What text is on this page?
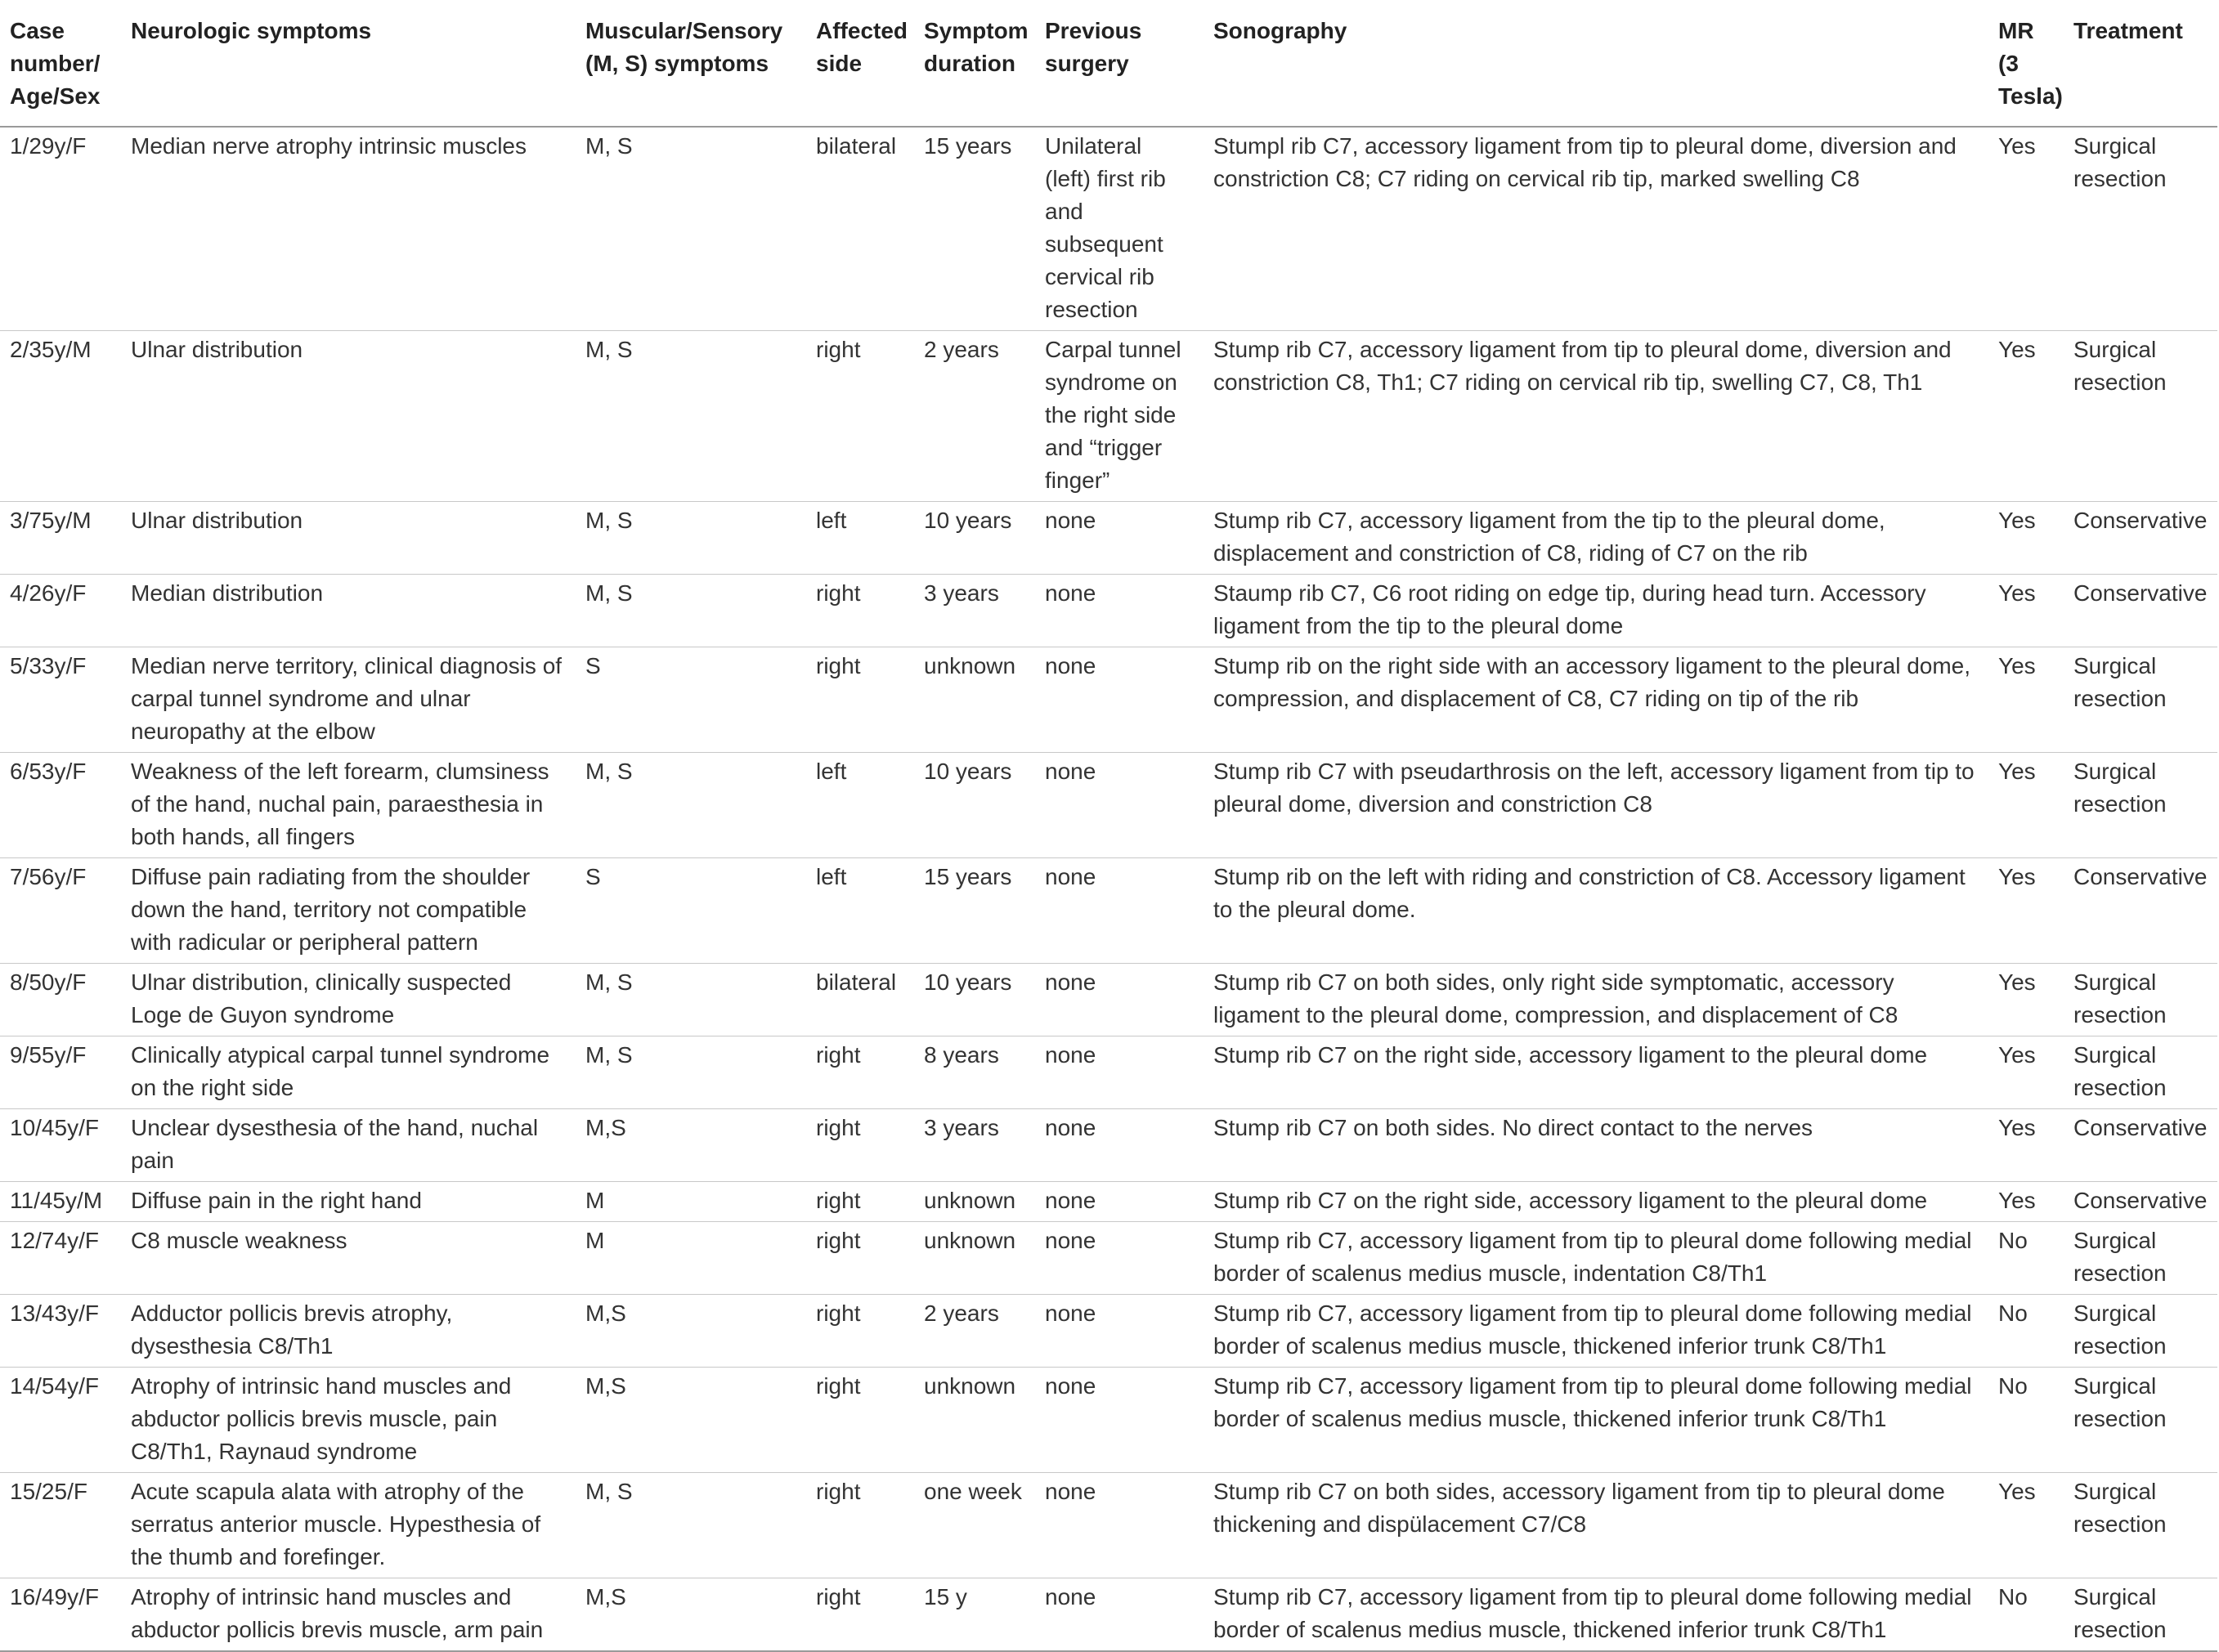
Case number/ Age/Sex	Neurologic symptoms	Muscular/Sensory (M, S) symptoms	Affected side	Symptom duration	Previous surgery	Sonography	MR (3 Tesla)	Treatment
1/29y/F	Median nerve atrophy intrinsic muscles	M, S	bilateral	15 years	Unilateral (left) first rib and subsequent cervical rib resection	Stumpl rib C7, accessory ligament from tip to pleural dome, diversion and constriction C8; C7 riding on cervical rib tip, marked swelling C8	Yes	Surgical resection
2/35y/M	Ulnar distribution	M, S	right	2 years	Carpal tunnel syndrome on the right side and “trigger finger”	Stump rib C7, accessory ligament from tip to pleural dome, diversion and constriction C8, Th1; C7 riding on cervical rib tip, swelling C7, C8, Th1	Yes	Surgical resection
3/75y/M	Ulnar distribution	M, S	left	10 years	none	Stump rib C7, accessory ligament from the tip to the pleural dome, displacement and constriction of C8, riding of C7 on the rib	Yes	Conservative
4/26y/F	Median distribution	M, S	right	3 years	none	Staump rib C7, C6 root riding on edge tip, during head turn. Accessory ligament from the tip to the pleural dome	Yes	Conservative
5/33y/F	Median nerve territory, clinical diagnosis of carpal tunnel syndrome and ulnar neuropathy at the elbow	S	right	unknown	none	Stump rib on the right side with an accessory ligament to the pleural dome, compression, and displacement of C8, C7 riding on tip of the rib	Yes	Surgical resection
6/53y/F	Weakness of the left forearm, clumsiness of the hand, nuchal pain, paraesthesia in both hands, all fingers	M, S	left	10 years	none	Stump rib C7 with pseudarthrosis on the left, accessory ligament from tip to pleural dome, diversion and constriction C8	Yes	Surgical resection
7/56y/F	Diffuse pain radiating from the shoulder down the hand, territory not compatible with radicular or peripheral pattern	S	left	15 years	none	Stump rib on the left with riding and constriction of C8. Accessory ligament to the pleural dome.	Yes	Conservative
8/50y/F	Ulnar distribution, clinically suspected Loge de Guyon syndrome	M, S	bilateral	10 years	none	Stump rib C7 on both sides, only right side symptomatic, accessory ligament to the pleural dome, compression, and displacement of C8	Yes	Surgical resection
9/55y/F	Clinically atypical carpal tunnel syndrome on the right side	M, S	right	8 years	none	Stump rib C7 on the right side, accessory ligament to the pleural dome	Yes	Surgical resection
10/45y/F	Unclear dysesthesia of the hand, nuchal pain	M,S	right	3 years	none	Stump rib C7 on both sides. No direct contact to the nerves	Yes	Conservative
11/45y/M	Diffuse pain in the right hand	M	right	unknown	none	Stump rib C7 on the right side, accessory ligament to the pleural dome	Yes	Conservative
12/74y/F	C8 muscle weakness	M	right	unknown	none	Stump rib C7, accessory ligament from tip to pleural dome following medial border of scalenus medius muscle, indentation C8/Th1	No	Surgical resection
13/43y/F	Adductor pollicis brevis atrophy, dysesthesia C8/Th1	M,S	right	2 years	none	Stump rib C7, accessory ligament from tip to pleural dome following medial border of scalenus medius muscle, thickened inferior trunk C8/Th1	No	Surgical resection
14/54y/F	Atrophy of intrinsic hand muscles and abductor pollicis brevis muscle, pain C8/Th1, Raynaud syndrome	M,S	right	unknown	none	Stump rib C7, accessory ligament from tip to pleural dome following medial border of scalenus medius muscle, thickened inferior trunk C8/Th1	No	Surgical resection
15/25/F	Acute scapula alata with atrophy of the serratus anterior muscle. Hypesthesia of the thumb and forefinger.	M, S	right	one week	none	Stump rib C7 on both sides, accessory ligament from tip to pleural dome thickening and dispülacement C7/C8	Yes	Surgical resection
16/49y/F	Atrophy of intrinsic hand muscles and abductor pollicis brevis muscle, arm pain	M,S	right	15 y	none	Stump rib C7, accessory ligament from tip to pleural dome following medial border of scalenus medius muscle, thickened inferior trunk C8/Th1	No	Surgical resection
